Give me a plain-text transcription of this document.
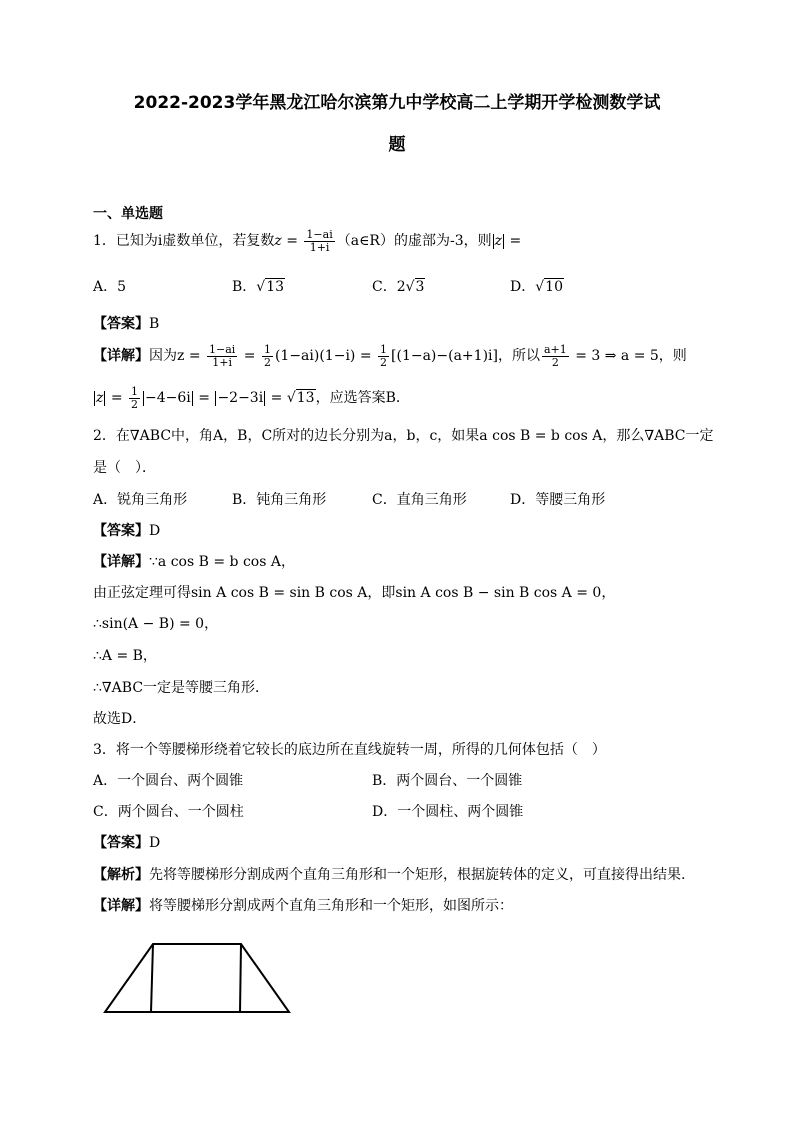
2022-2023学年黑龙江哈尔滨第九中学校高二上学期开学检测数学试
题
一、单选题
1．已知为i虚数单位，若复数$z = \frac{1-ai}{1+i}$ （a∈R）的虚部为-3，则 z =
A．5	B．√13	C．2√3	D．√10
【答案】B
【详解】因为$z = \frac{1-ai}{1+i} = \frac{1}{2} (1-ai)(1-i) = \frac{1}{2} [(1-a)-(a+1)i]$，所以 $\frac{a+1}{2} = 3$ ⇒ a = 5，则
$z = \frac{1}{2} -4-6i = -2-3i = √13$，应选答案B．
2．在∇ABC中，角A，B，C所对的边长分别为a，b，c，如果a cos B = b cos A，那么∇ABC一定
是（　）．
A．锐角三角形	B．钝角三角形	C．直角三角形	D．等腰三角形
【答案】D
【详解】∵a cos B = b cos A，
由正弦定理可得sin A cos B = sin B cos A，即sin A cos B − sin B cos A = 0，
∴sin(A − B) = 0，
∴A = B，
∴∇ABC一定是等腰三角形．
故选D．
3．将一个等腰梯形绕着它较长的底边所在直线旋转一周，所得的几何体包括（　）
A．一个圆台、两个圆锥	B．两个圆台、一个圆锥
C．两个圆台、一个圆柱	D．一个圆柱、两个圆锥
【答案】D
【解析】先将等腰梯形分割成两个直角三角形和一个矩形，根据旋转体的定义，可直接得出结果.
【详解】将等腰梯形分割成两个直角三角形和一个矩形，如图所示：
